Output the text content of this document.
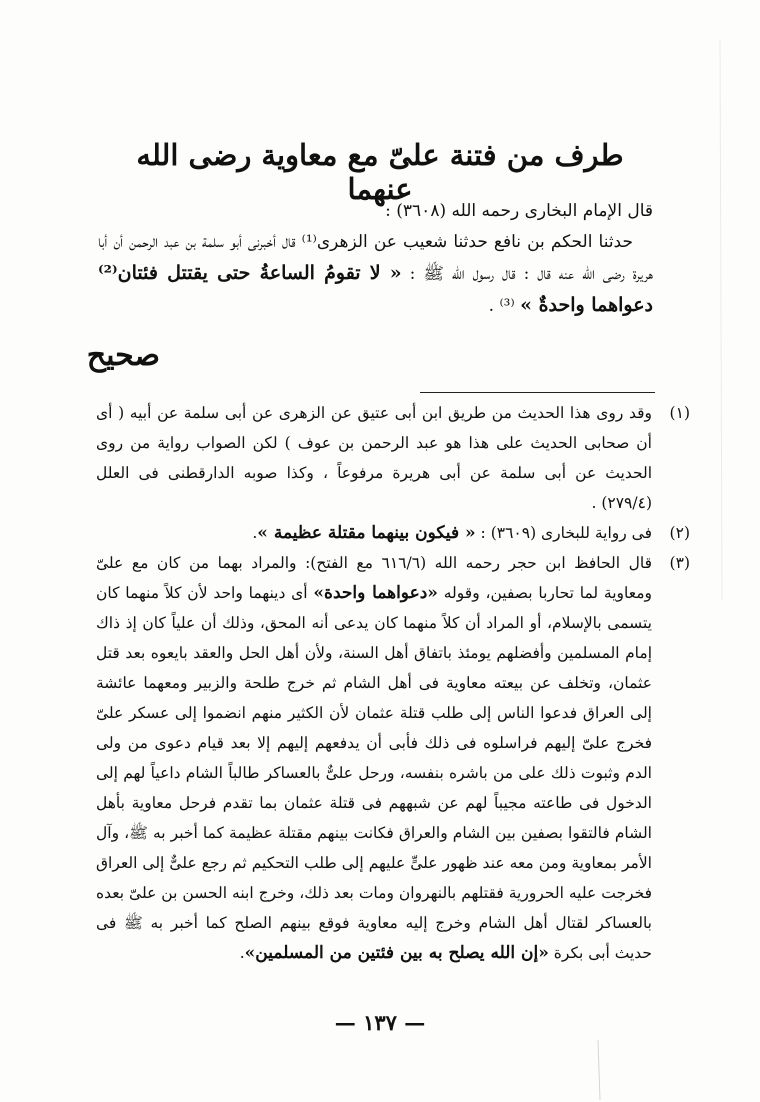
طرف من فتنة علىّ مع معاوية رضى الله عنهما

قال الإمام البخارى رحمه الله (٣٦٠٨) :

حدثنا الحكم بن نافع حدثنا شعيب عن الزهرى⁽¹⁾ قال أخبرنى أبو سلمة بن عبد الرحمن أن أبا هريرة رضى الله عنه قال : قال رسول الله ﷺ : « لا تقومُ الساعةُ حتى يقتتل فئتان⁽²⁾ دعواهما واحدةٌ » ⁽³⁾ .

صحيح
(١)
وقد روى هذا الحديث من طريق ابن أبى عتيق عن الزهرى عن أبى سلمة عن أبيه ( أى أن صحابى الحديث على هذا هو عبد الرحمن بن عوف ) لكن الصواب رواية من روى الحديث عن أبى سلمة عن أبى هريرة مرفوعاً ، وكذا صوبه الدارقطنى فى العلل (٢٧٩/٤) .
(٢)
فى رواية للبخارى (٣٦٠٩) : « فيكون بينهما مقتلة عظيمة ».
(٣)
قال الحافظ ابن حجر رحمه الله (٦١٦/٦ مع الفتح): والمراد بهما من كان مع علىّ ومعاوية لما تحاربا بصفين، وقوله «دعواهما واحدة» أى دينهما واحد لأن كلاً منهما كان يتسمى بالإسلام، أو المراد أن كلاً منهما كان يدعى أنه المحق، وذلك أن علياً كان إذ ذاك إمام المسلمين وأفضلهم يومئذ باتفاق أهل السنة، ولأن أهل الحل والعقد بايعوه بعد قتل عثمان، وتخلف عن بيعته معاوية فى أهل الشام ثم خرج طلحة والزبير ومعهما عائشة إلى العراق فدعوا الناس إلى طلب قتلة عثمان لأن الكثير منهم انضموا إلى عسكر علىّ فخرج علىّ إليهم فراسلوه فى ذلك فأبى أن يدفعهم إليهم إلا بعد قيام دعوى من ولى الدم وثبوت ذلك على من باشره بنفسه، ورحل علىٌّ بالعساكر طالباً الشام داعياً لهم إلى الدخول فى طاعته مجيباً لهم عن شبههم فى قتلة عثمان بما تقدم فرحل معاوية بأهل الشام فالتقوا بصفين بين الشام والعراق فكانت بينهم مقتلة عظيمة كما أخبر به ﷺ، وآل الأمر بمعاوية ومن معه عند ظهور علىٍّ عليهم إلى طلب التحكيم ثم رجع علىٌّ إلى العراق فخرجت عليه الحرورية فقتلهم بالنهروان ومات بعد ذلك، وخرج ابنه الحسن بن علىّ بعده بالعساكر لقتال أهل الشام وخرج إليه معاوية فوقع بينهم الصلح كما أخبر به ﷺ فى حديث أبى بكرة «إن الله يصلح به بين فئتين من المسلمين».
— ١٣٧ —
